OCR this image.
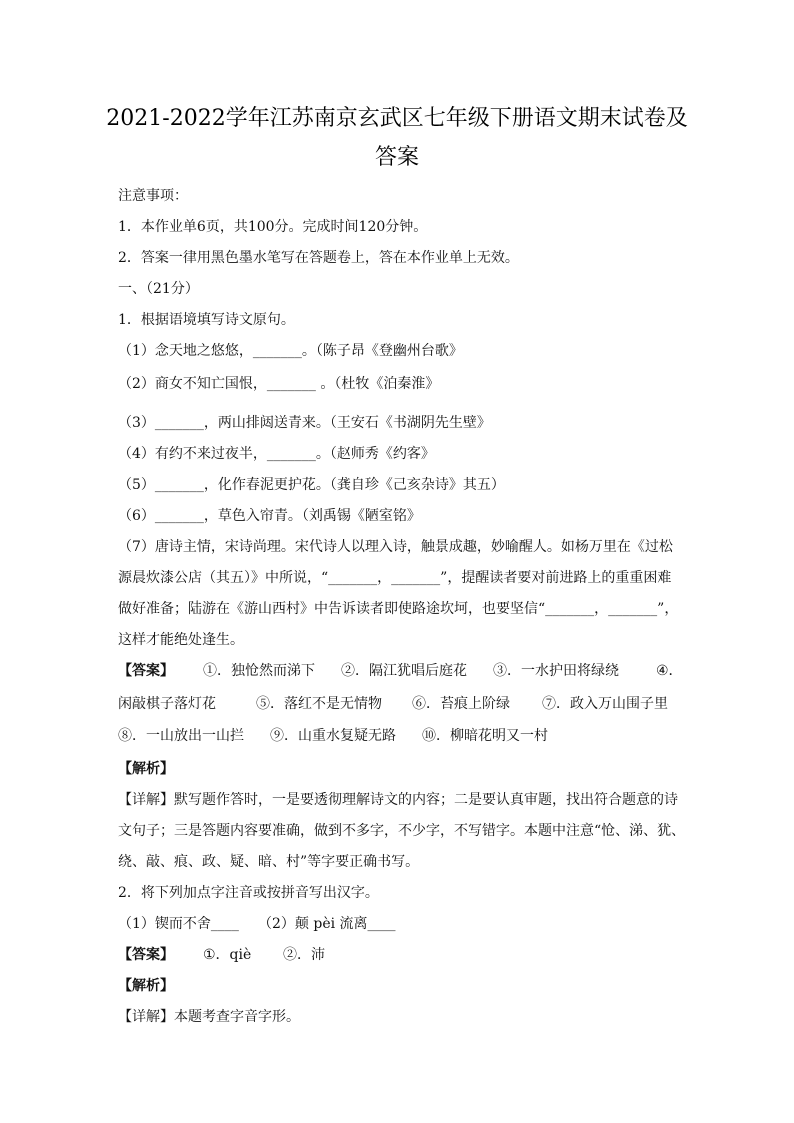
2021-2022学年江苏南京玄武区七年级下册语文期末试卷及
答案
注意事项：
1．本作业单6页，共100分。完成时间120分钟。
2．答案一律用黑色墨水笔写在答题卷上，答在本作业单上无效。
一、（21分）
1．根据语境填写诗文原句。
（1）念天地之悠悠，_______。（陈子昂《登幽州台歌》
（2）商女不知亡国恨，_______ 。（杜牧《泊秦淮》
（3）_______，两山排闼送青来。（王安石《书湖阴先生壁》
（4）有约不来过夜半，_______。（赵师秀《约客》
（5）_______，化作春泥更护花。（龚自珍《己亥杂诗》其五）
（6）_______，草色入帘青。（刘禹锡《陋室铭》
（7）唐诗主情，宋诗尚理。宋代诗人以理入诗，触景成趣，妙喻醒人。如杨万里在《过松
源晨炊漆公店（其五）》中所说，“_______，_______”，提醒读者要对前进路上的重重困难
做好准备；陆游在《游山西村》中告诉读者即使路途坎坷，也要坚信“_______，_______”，
这样才能绝处逢生。
【答案】 ①．独怆然而涕下 ②．隔江犹唱后庭花 ③．一水护田将绿绕	④．
闲敲棋子落灯花	⑤．落红不是无情物 ⑥．苔痕上阶绿 ⑦．政入万山围子里
⑧．一山放出一山拦 ⑨．山重水复疑无路 ⑩．柳暗花明又一村
【解析】
【详解】默写题作答时，一是要透彻理解诗文的内容；二是要认真审题，找出符合题意的诗
文句子；三是答题内容要准确，做到不多字，不少字，不写错字。本题中注意“怆、涕、犹、
绕、敲、痕、政、疑、暗、村”等字要正确书写。
2．将下列加点字注音或按拼音写出汉字。
（1）锲而不舍____ （2）颠 pèi 流离____
【答案】 ①．qiè ②．沛
【解析】
【详解】本题考查字音字形。
